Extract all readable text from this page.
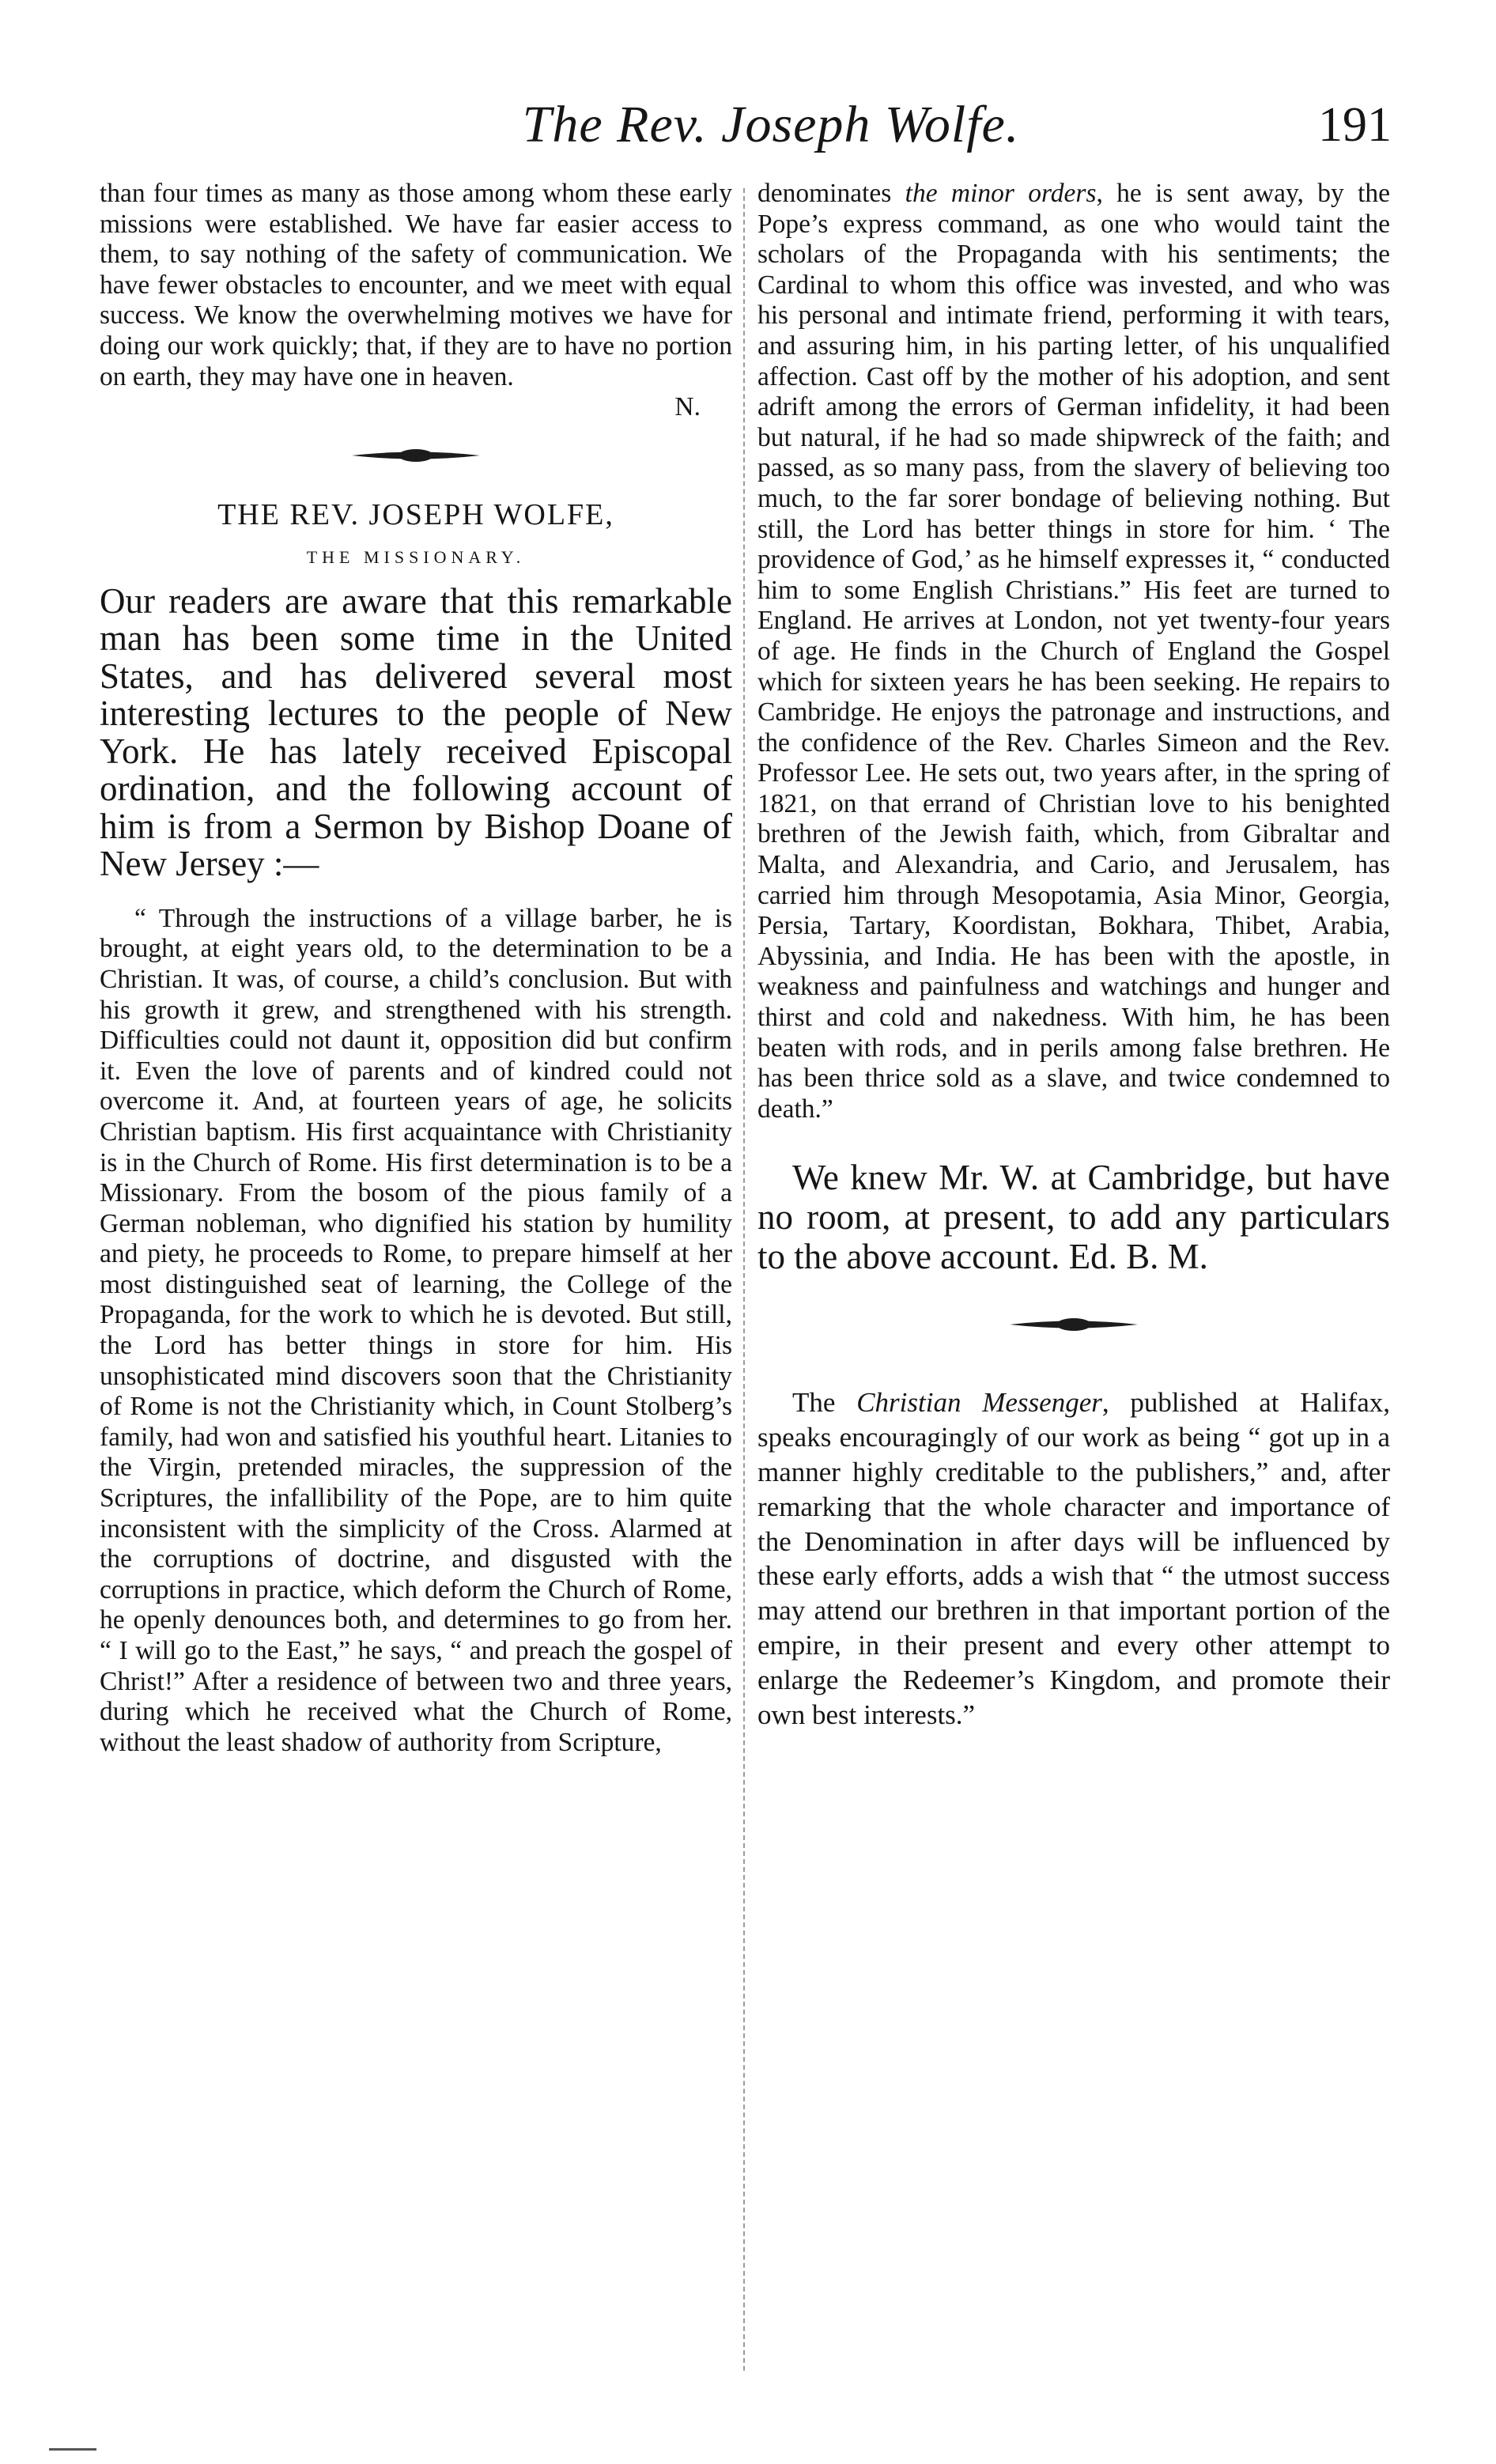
The Rev. Joseph Wolfe.	191

than four times as many as those among whom these early missions were established. We have far easier access to them, to say nothing of the safety of communication. We have fewer obstacles to encounter, and we meet with equal success. We know the overwhelming motives we have for doing our work quickly; that, if they are to have no portion on earth, they may have one in heaven.

N.

THE REV. JOSEPH WOLFE,
THE MISSIONARY.

Our readers are aware that this remarkable man has been some time in the United States, and has delivered several most interesting lectures to the people of New York. He has lately received Episcopal ordination, and the following account of him is from a Sermon by Bishop Doane of New Jersey :—

“ Through the instructions of a village barber, he is brought, at eight years old, to the determination to be a Christian. It was, of course, a child’s conclusion. But with his growth it grew, and strengthened with his strength. Difficulties could not daunt it, opposition did but confirm it. Even the love of parents and of kindred could not overcome it. And, at fourteen years of age, he solicits Christian baptism. His first acquaintance with Christianity is in the Church of Rome. His first determination is to be a Missionary. From the bosom of the pious family of a German nobleman, who dignified his station by humility and piety, he proceeds to Rome, to prepare himself at her most distinguished seat of learning, the College of the Propaganda, for the work to which he is devoted. But still, the Lord has better things in store for him. His unsophisticated mind discovers soon that the Christianity of Rome is not the Christianity which, in Count Stolberg’s family, had won and satisfied his youthful heart. Litanies to the Virgin, pretended miracles, the suppression of the Scriptures, the infallibility of the Pope, are to him quite inconsistent with the simplicity of the Cross. Alarmed at the corruptions of doctrine, and disgusted with the corruptions in practice, which deform the Church of Rome, he openly denounces both, and determines to go from her. “ I will go to the East,” he says, “ and preach the gospel of Christ!” After a residence of between two and three years, during which he received what the Church of Rome, without the least shadow of authority from Scripture,

denominates the minor orders, he is sent away, by the Pope’s express command, as one who would taint the scholars of the Propaganda with his sentiments; the Cardinal to whom this office was invested, and who was his personal and intimate friend, performing it with tears, and assuring him, in his parting letter, of his unqualified affection. Cast off by the mother of his adoption, and sent adrift among the errors of German infidelity, it had been but natural, if he had so made shipwreck of the faith; and passed, as so many pass, from the slavery of believing too much, to the far sorer bondage of believing nothing. But still, the Lord has better things in store for him. ‘ The providence of God,’ as he himself expresses it, “ conducted him to some English Christians.” His feet are turned to England. He arrives at London, not yet twenty-four years of age. He finds in the Church of England the Gospel which for sixteen years he has been seeking. He repairs to Cambridge. He enjoys the patronage and instructions, and the confidence of the Rev. Charles Simeon and the Rev. Professor Lee. He sets out, two years after, in the spring of 1821, on that errand of Christian love to his benighted brethren of the Jewish faith, which, from Gibraltar and Malta, and Alexandria, and Cario, and Jerusalem, has carried him through Mesopotamia, Asia Minor, Georgia, Persia, Tartary, Koordistan, Bokhara, Thibet, Arabia, Abyssinia, and India. He has been with the apostle, in weakness and painfulness and watchings and hunger and thirst and cold and nakedness. With him, he has been beaten with rods, and in perils among false brethren. He has been thrice sold as a slave, and twice condemned to death.”

We knew Mr. W. at Cambridge, but have no room, at present, to add any particulars to the above account. Ed. B. M.

The Christian Messenger, published at Halifax, speaks encouragingly of our work as being “ got up in a manner highly creditable to the publishers,” and, after remarking that the whole character and importance of the Denomination in after days will be influenced by these early efforts, adds a wish that “ the utmost success may attend our brethren in that important portion of the empire, in their present and every other attempt to enlarge the Redeemer’s Kingdom, and promote their own best interests.”
